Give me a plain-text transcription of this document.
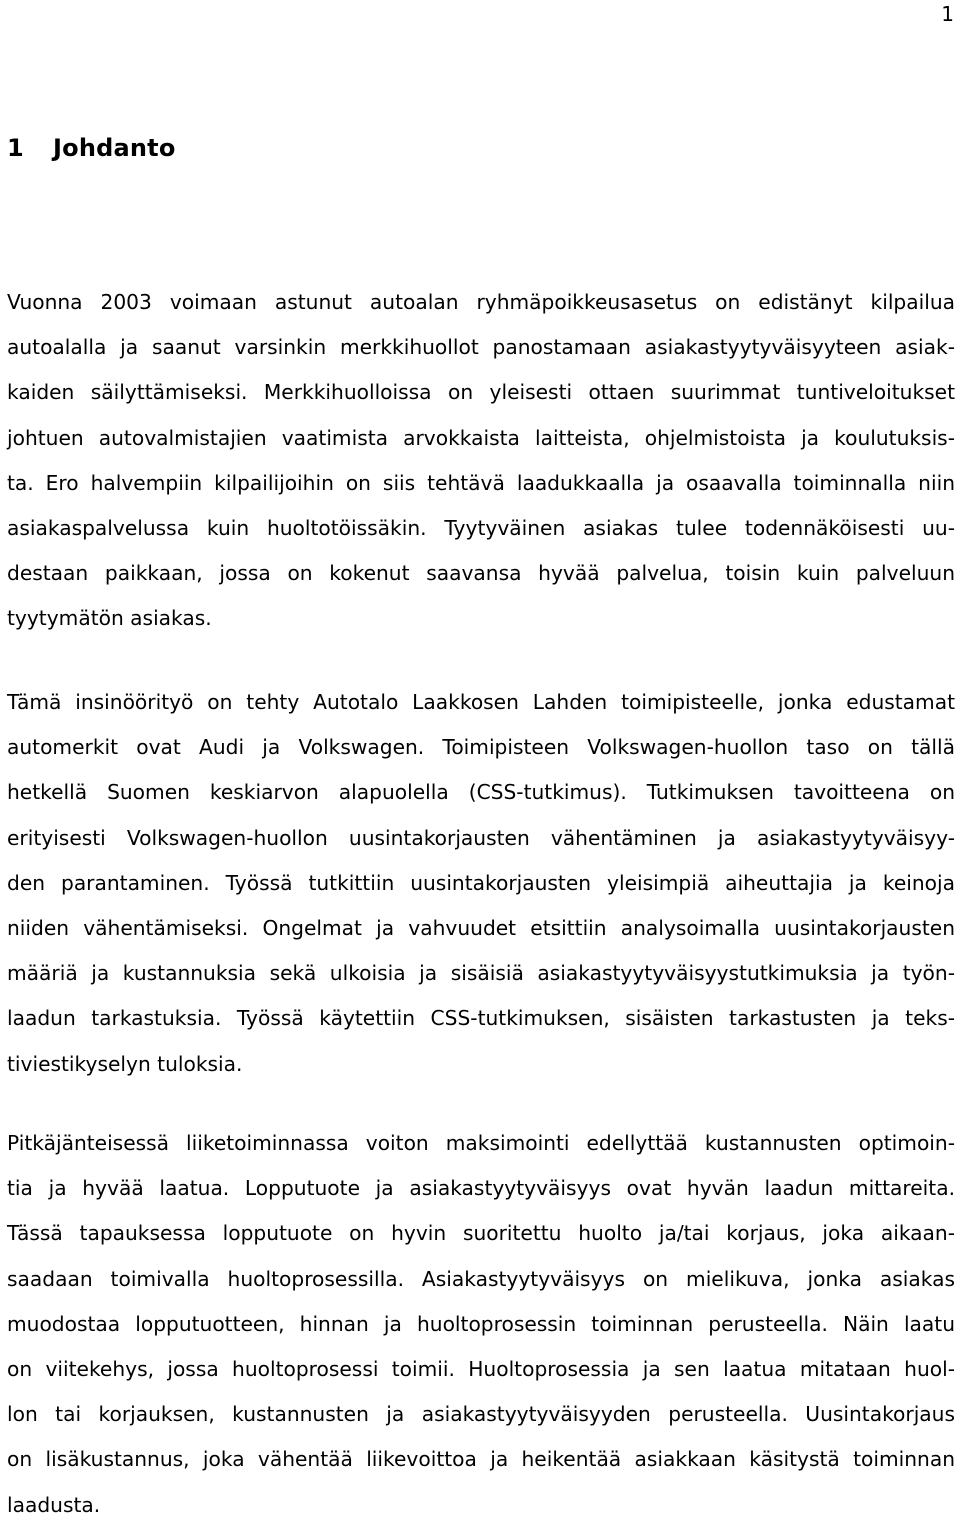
1
1 Johdanto

Vuonna 2003 voimaan astunut autoalan ryhmäpoikkeusasetus on edistänyt kilpailua
autoalalla ja saanut varsinkin merkkihuollot panostamaan asiakastyytyväisyyteen asiak-
kaiden säilyttämiseksi. Merkkihuolloissa on yleisesti ottaen suurimmat tuntiveloitukset
johtuen autovalmistajien vaatimista arvokkaista laitteista, ohjelmistoista ja koulutuksis-
ta. Ero halvempiin kilpailijoihin on siis tehtävä laadukkaalla ja osaavalla toiminnalla niin
asiakaspalvelussa kuin huoltotöissäkin. Tyytyväinen asiakas tulee todennäköisesti uu-
destaan paikkaan, jossa on kokenut saavansa hyvää palvelua, toisin kuin palveluun
tyytymätön asiakas.

Tämä insinöörityö on tehty Autotalo Laakkosen Lahden toimipisteelle, jonka edustamat
automerkit ovat Audi ja Volkswagen. Toimipisteen Volkswagen-huollon taso on tällä
hetkellä Suomen keskiarvon alapuolella (CSS-tutkimus). Tutkimuksen tavoitteena on
erityisesti Volkswagen-huollon uusintakorjausten vähentäminen ja asiakastyytyväisyy-
den parantaminen. Työssä tutkittiin uusintakorjausten yleisimpiä aiheuttajia ja keinoja
niiden vähentämiseksi. Ongelmat ja vahvuudet etsittiin analysoimalla uusintakorjausten
määriä ja kustannuksia sekä ulkoisia ja sisäisiä asiakastyytyväisyystutkimuksia ja työn-
laadun tarkastuksia. Työssä käytettiin CSS-tutkimuksen, sisäisten tarkastusten ja teks-
tiviestikyselyn tuloksia.

Pitkäjänteisessä liiketoiminnassa voiton maksimointi edellyttää kustannusten optimoin-
tia ja hyvää laatua. Lopputuote ja asiakastyytyväisyys ovat hyvän laadun mittareita.
Tässä tapauksessa lopputuote on hyvin suoritettu huolto ja/tai korjaus, joka aikaan-
saadaan toimivalla huoltoprosessilla. Asiakastyytyväisyys on mielikuva, jonka asiakas
muodostaa lopputuotteen, hinnan ja huoltoprosessin toiminnan perusteella. Näin laatu
on viitekehys, jossa huoltoprosessi toimii. Huoltoprosessia ja sen laatua mitataan huol-
lon tai korjauksen, kustannusten ja asiakastyytyväisyyden perusteella. Uusintakorjaus
on lisäkustannus, joka vähentää liikevoittoa ja heikentää asiakkaan käsitystä toiminnan
laadusta.
